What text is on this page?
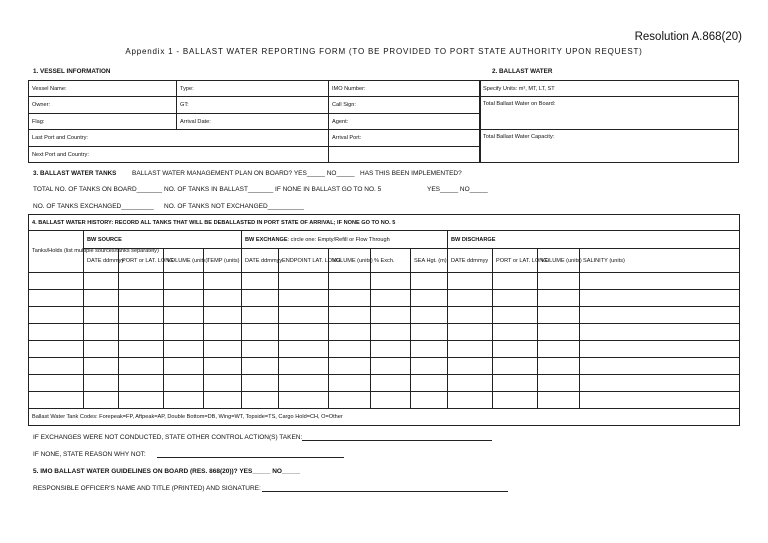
Resolution A.868(20)
Appendix 1 - BALLAST WATER REPORTING FORM (TO BE PROVIDED TO PORT STATE AUTHORITY UPON REQUEST)
1. VESSEL INFORMATION	2. BALLAST WATER
Vessel Name:	Type:	IMO Number:
Owner:	GT:	Call Sign:
Flag:	Arrival Date:	Agent:
Last Port and Country:		Arrival Port:
Next Port and Country:		
Specify Units: m³, MT, LT, ST
Total Ballast Water on Board:
Total Ballast Water Capacity:
3. BALLAST WATER TANKS BALLAST WATER MANAGEMENT PLAN ON BOARD? YES_____ NO_____ HAS THIS BEEN IMPLEMENTED?
TOTAL NO. OF TANKS ON BOARD_______ NO. OF TANKS IN BALLAST_______ IF NONE IN BALLAST GO TO NO. 5	YES_____ NO_____
NO. OF TANKS EXCHANGED_________ NO. OF TANKS NOT EXCHANGED__________
4. BALLAST WATER HISTORY: RECORD ALL TANKS THAT WILL BE DEBALLASTED IN PORT STATE OF ARRIVAL; IF NONE GO TO NO. 5													
Tanks/Holds (list multiple sources/tanks separately)	BW SOURCE				BW EXCHANGE: circle one: Empty/Refill or Flow Through					BW DISCHARGE			
	DATE ddmmyy	PORT or LAT. LONG	VOLUME (units)	TEMP (units)	DATE ddmmyy	ENDPOINT LAT. LONG.	VOLUME (units)	% Exch.	SEA Hgt. (m)	DATE ddmmyy	PORT or LAT. LONG.	VOLUME (units)	SALINITY (units)

Ballast Water Tank Codes: Forepeak=FP, Aftpeak=AP, Double Bottom=DB, Wing=WT, Topside=TS, Cargo Hold=CH, O=Other													
IF EXCHANGES WERE NOT CONDUCTED, STATE OTHER CONTROL ACTION(S) TAKEN:
IF NONE, STATE REASON WHY NOT:
5. IMO BALLAST WATER GUIDELINES ON BOARD (RES. 868(20))? YES_____ NO_____
RESPONSIBLE OFFICER'S NAME AND TITLE (PRINTED) AND SIGNATURE:
